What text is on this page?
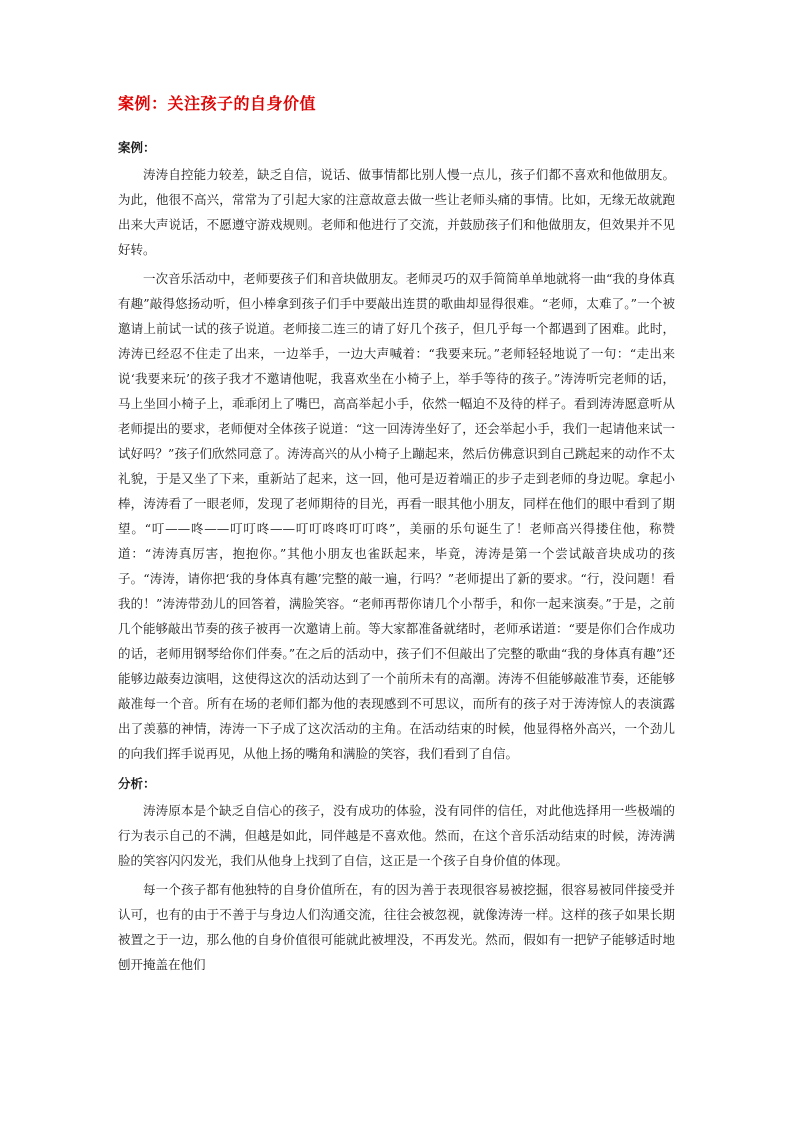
案例：关注孩子的自身价值
案例：

涛涛自控能力较差，缺乏自信，说话、做事情都比别人慢一点儿，孩子们都不喜欢和他做朋友。为此，他很不高兴，常常为了引起大家的注意故意去做一些让老师头痛的事情。比如，无缘无故就跑出来大声说话，不愿遵守游戏规则。老师和他进行了交流，并鼓励孩子们和他做朋友，但效果并不见好转。

一次音乐活动中，老师要孩子们和音块做朋友。老师灵巧的双手简简单单地就将一曲“我的身体真有趣”敲得悠扬动听，但小棒拿到孩子们手中要敲出连贯的歌曲却显得很难。“老师，太难了。”一个被邀请上前试一试的孩子说道。老师接二连三的请了好几个孩子，但几乎每一个都遇到了困难。此时，涛涛已经忍不住走了出来，一边举手，一边大声喊着：“我要来玩。”老师轻轻地说了一句：“走出来说‘我要来玩’的孩子我才不邀请他呢，我喜欢坐在小椅子上，举手等待的孩子。”涛涛听完老师的话，马上坐回小椅子上，乖乖闭上了嘴巴，高高举起小手，依然一幅迫不及待的样子。看到涛涛愿意听从老师提出的要求，老师便对全体孩子说道：“这一回涛涛坐好了，还会举起小手，我们一起请他来试一试好吗？”孩子们欣然同意了。涛涛高兴的从小椅子上蹦起来，然后仿佛意识到自己跳起来的动作不太礼貌，于是又坐了下来，重新站了起来，这一回，他可是迈着端正的步子走到老师的身边呢。拿起小棒，涛涛看了一眼老师，发现了老师期待的目光，再看一眼其他小朋友，同样在他们的眼中看到了期望。“叮——咚——叮叮咚——叮叮咚咚叮叮咚”，美丽的乐句诞生了！老师高兴得搂住他，称赞道：“涛涛真厉害，抱抱你。”其他小朋友也雀跃起来，毕竟，涛涛是第一个尝试敲音块成功的孩子。“涛涛，请你把‘我的身体真有趣’完整的敲一遍，行吗？”老师提出了新的要求。“行，没问题！看我的！”涛涛带劲儿的回答着，满脸笑容。“老师再帮你请几个小帮手，和你一起来演奏。”于是，之前几个能够敲出节奏的孩子被再一次邀请上前。等大家都准备就绪时，老师承诺道：“要是你们合作成功的话，老师用钢琴给你们伴奏。”在之后的活动中，孩子们不但敲出了完整的歌曲“我的身体真有趣”还能够边敲奏边演唱，这使得这次的活动达到了一个前所未有的高潮。涛涛不但能够敲准节奏，还能够敲准每一个音。所有在场的老师们都为他的表现感到不可思议，而所有的孩子对于涛涛惊人的表演露出了羡慕的神情，涛涛一下子成了这次活动的主角。在活动结束的时候，他显得格外高兴，一个劲儿的向我们挥手说再见，从他上扬的嘴角和满脸的笑容，我们看到了自信。

分析：

涛涛原本是个缺乏自信心的孩子，没有成功的体验，没有同伴的信任，对此他选择用一些极端的行为表示自己的不满，但越是如此，同伴越是不喜欢他。然而，在这个音乐活动结束的时候，涛涛满脸的笑容闪闪发光，我们从他身上找到了自信，这正是一个孩子自身价值的体现。

每一个孩子都有他独特的自身价值所在，有的因为善于表现很容易被挖掘，很容易被同伴接受并认可，也有的由于不善于与身边人们沟通交流，往往会被忽视，就像涛涛一样。这样的孩子如果长期被置之于一边，那么他的自身价值很可能就此被埋没，不再发光。然而，假如有一把铲子能够适时地刨开掩盖在他们
